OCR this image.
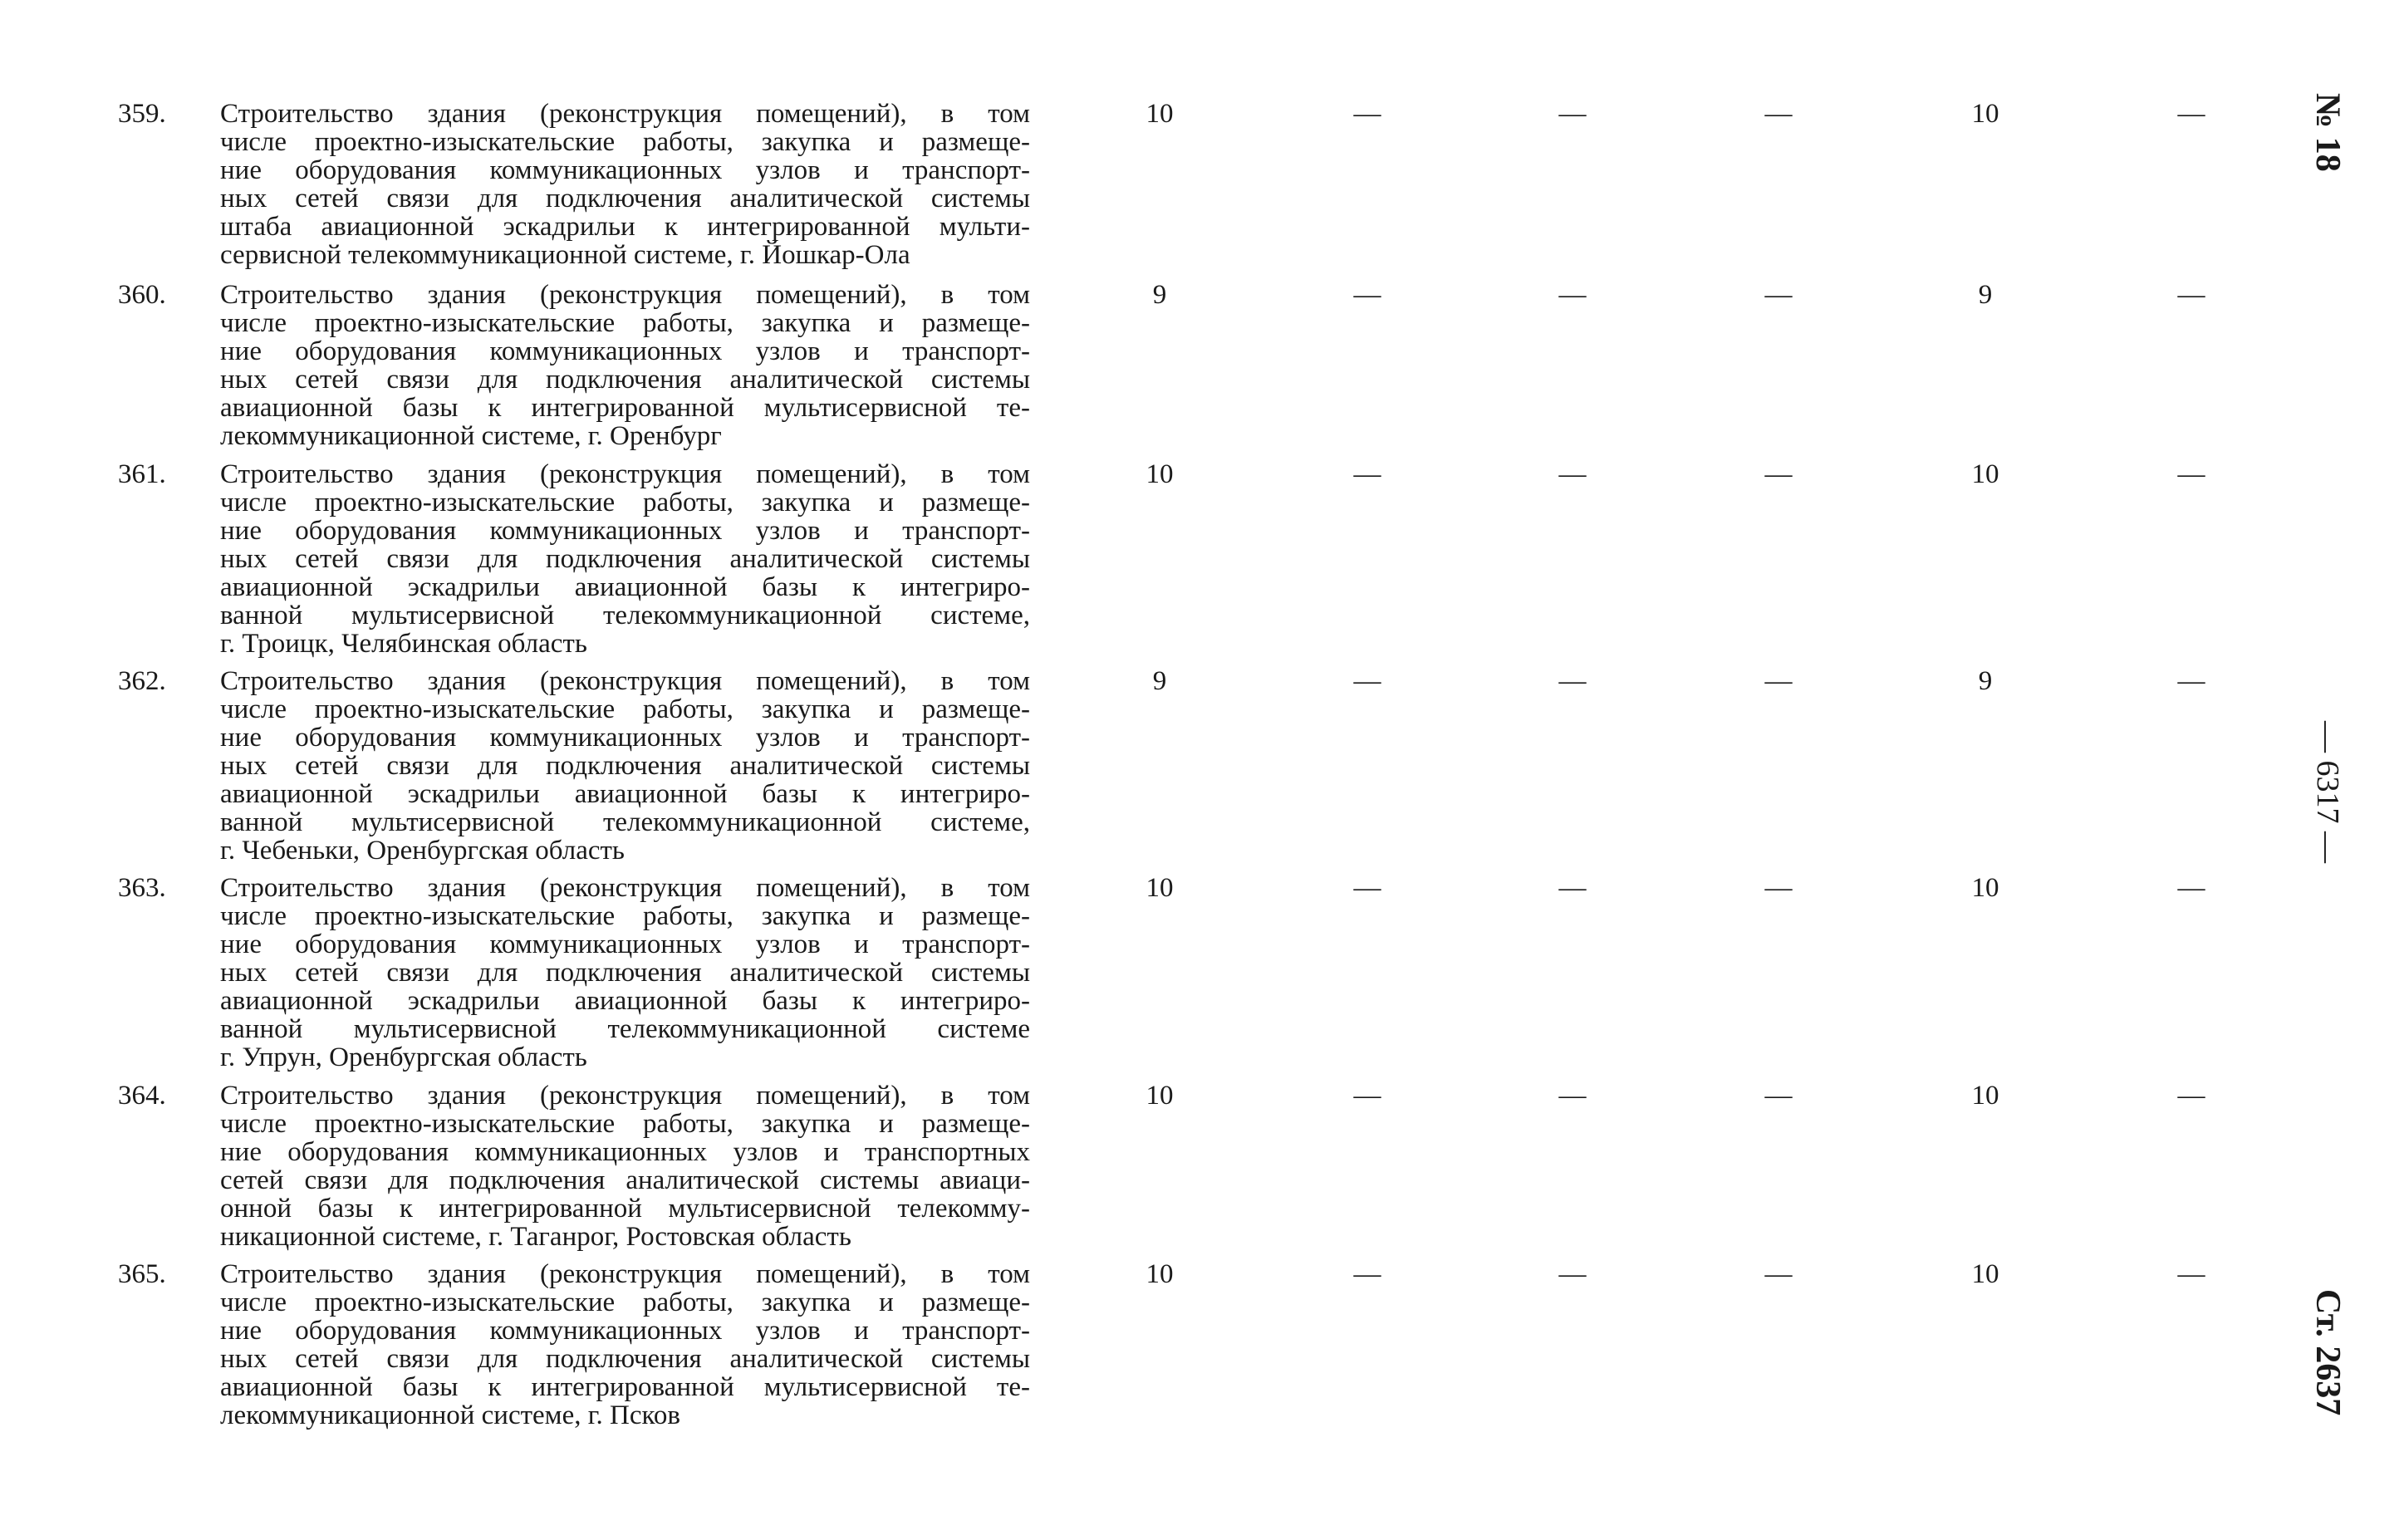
359.	Строительство здания (реконструкция помещений), в том
числе проектно-изыскательские работы, закупка и размеще-
ние оборудования коммуникационных узлов и транспорт-
ных сетей связи для подключения аналитической системы
штаба авиационной эскадрильи к интегрированной мульти-
сервисной телекоммуникационной системе, г. Йошкар-Ола
10	—	—	—	10	—
360.	Строительство здания (реконструкция помещений), в том
числе проектно-изыскательские работы, закупка и размеще-
ние оборудования коммуникационных узлов и транспорт-
ных сетей связи для подключения аналитической системы
авиационной базы к интегрированной мультисервисной те-
лекоммуникационной системе, г. Оренбург
9	—	—	—	9	—
361.	Строительство здания (реконструкция помещений), в том
числе проектно-изыскательские работы, закупка и размеще-
ние оборудования коммуникационных узлов и транспорт-
ных сетей связи для подключения аналитической системы
авиационной эскадрильи авиационной базы к интегриро-
ванной мультисервисной телекоммуникационной системе,
г. Троицк, Челябинская область
10	—	—	—	10	—
362.	Строительство здания (реконструкция помещений), в том
числе проектно-изыскательские работы, закупка и размеще-
ние оборудования коммуникационных узлов и транспорт-
ных сетей связи для подключения аналитической системы
авиационной эскадрильи авиационной базы к интегриро-
ванной мультисервисной телекоммуникационной системе,
г. Чебеньки, Оренбургская область
9	—	—	—	9	—
363.	Строительство здания (реконструкция помещений), в том
числе проектно-изыскательские работы, закупка и размеще-
ние оборудования коммуникационных узлов и транспорт-
ных сетей связи для подключения аналитической системы
авиационной эскадрильи авиационной базы к интегриро-
ванной мультисервисной телекоммуникационной системе
г. Упрун, Оренбургская область
10	—	—	—	10	—
364.	Строительство здания (реконструкция помещений), в том
числе проектно-изыскательские работы, закупка и размеще-
ние оборудования коммуникационных узлов и транспортных
сетей связи для подключения аналитической системы авиаци-
онной базы к интегрированной мультисервисной телекомму-
никационной системе, г. Таганрог, Ростовская область
10	—	—	—	10	—
365.	Строительство здания (реконструкция помещений), в том
числе проектно-изыскательские работы, закупка и размеще-
ние оборудования коммуникационных узлов и транспорт-
ных сетей связи для подключения аналитической системы
авиационной базы к интегрированной мультисервисной те-
лекоммуникационной системе, г. Псков
10	—	—	—	10	—
№ 18
— 6317 —
Ст. 2637
